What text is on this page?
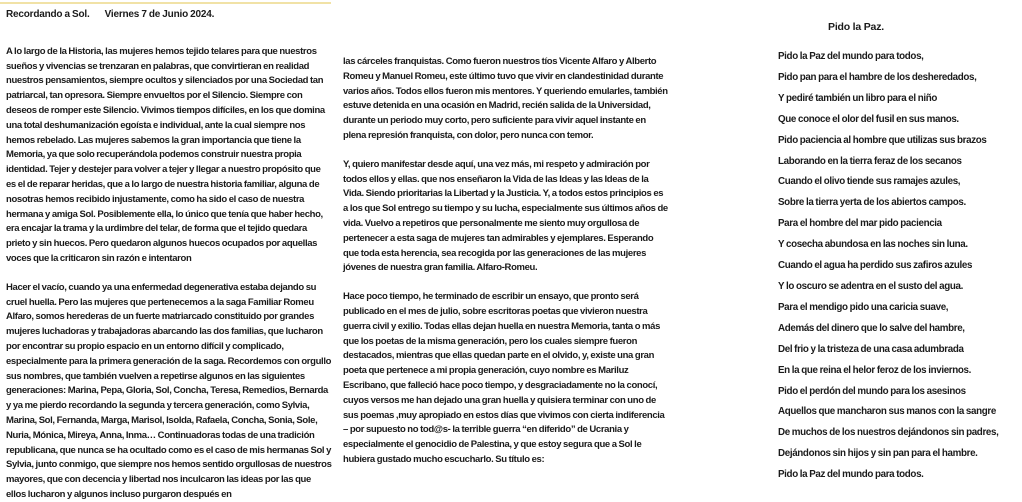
Recordando a Sol. Viernes 7 de Junio 2024.

A lo largo de la Historia, las mujeres hemos tejido telares para que nuestros sueños y vivencias se trenzaran en palabras, que convirtieran en realidad nuestros pensamientos, siempre ocultos y silenciados por una Sociedad tan patriarcal, tan opresora. Siempre envueltos por el Silencio. Siempre con deseos de romper este Silencio. Vivimos tiempos difíciles, en los que domina una total deshumanización egoísta e individual, ante la cual siempre nos hemos rebelado. Las mujeres sabemos la gran importancia que tiene la Memoria, ya que solo recuperándola podemos construir nuestra propia identidad. Tejer y destejer para volver a tejer y llegar a nuestro propósito que es el de reparar heridas, que a lo largo de nuestra historia familiar, alguna de nosotras hemos recibido injustamente, como ha sido el caso de nuestra hermana y amiga Sol. Posiblemente ella, lo único que tenía que haber hecho, era encajar la trama y la urdimbre del telar, de forma que el tejido quedara prieto y sin huecos. Pero quedaron algunos huecos ocupados por aquellas voces que la criticaron sin razón e intentaron

Hacer el vacío, cuando ya una enfermedad degenerativa estaba dejando su cruel huella. Pero las mujeres que pertenecemos a la saga Familiar Romeu Alfaro, somos herederas de un fuerte matriarcado constituido por grandes mujeres luchadoras y trabajadoras abarcando las dos familias, que lucharon por encontrar su propio espacio en un entorno difícil y complicado, especialmente para la primera generación de la saga. Recordemos con orgullo sus nombres, que también vuelven a repetirse algunos en las siguientes generaciones: Marina, Pepa, Gloria, Sol, Concha, Teresa, Remedios, Bernarda y ya me pierdo recordando la segunda y tercera generación, como Sylvia, Marina, Sol, Fernanda, Marga, Marisol, Isolda, Rafaela, Concha, Sonia, Sole, Nuria, Mónica, Mireya, Anna, Inma… Continuadoras todas de una tradición republicana, que nunca se ha ocultado como es el caso de mis hermanas Sol y Sylvia, junto conmigo, que siempre nos hemos sentido orgullosas de nuestros mayores, que con decencia y libertad nos inculcaron las ideas por las que ellos lucharon y algunos incluso purgaron después en

las cárceles franquistas. Como fueron nuestros tíos Vicente Alfaro y Alberto Romeu y Manuel Romeu, este último tuvo que vivir en clandestinidad durante varios años. Todos ellos fueron mis mentores. Y queriendo emularles, también estuve detenida en una ocasión en Madrid, recién salida de la Universidad, durante un periodo muy corto, pero suficiente para vivir aquel instante en plena represión franquista, con dolor, pero nunca con temor.

Y, quiero manifestar desde aquí, una vez más, mi respeto y admiración por todos ellos y ellas. que nos enseñaron la Vida de las Ideas y las Ideas de la Vida. Siendo prioritarias la Libertad y la Justicia. Y, a todos estos principios es a los que Sol entrego su tiempo y su lucha, especialmente sus últimos años de vida. Vuelvo a repetiros que personalmente me siento muy orgullosa de pertenecer a esta saga de mujeres tan admirables y ejemplares. Esperando que toda esta herencia, sea recogida por las generaciones de las mujeres jóvenes de nuestra gran familia. Alfaro-Romeu.

Hace poco tiempo, he terminado de escribir un ensayo, que pronto será publicado en el mes de julio, sobre escritoras poetas que vivieron nuestra guerra civil y exilio. Todas ellas dejan huella en nuestra Memoria, tanta o más que los poetas de la misma generación, pero los cuales siempre fueron destacados, mientras que ellas quedan parte en el olvido, y, existe una gran poeta que pertenece a mi propia generación, cuyo nombre es Mariluz Escribano, que falleció hace poco tiempo, y desgraciadamente no la conocí, cuyos versos me han dejado una gran huella y quisiera terminar con uno de sus poemas ,muy apropiado en estos días que vivimos con cierta indiferencia – por supuesto no tod@s- la terrible guerra “en diferido” de Ucrania y especialmente el genocidio de Palestina, y que estoy segura que a Sol le hubiera gustado mucho escucharlo. Su título es:

Pido la Paz.
Pido la Paz del mundo para todos,
Pido pan para el hambre de los desheredados,
Y pediré también un libro para el niño
Que conoce el olor del fusil en sus manos.
Pido paciencia al hombre que utilizas sus brazos
Laborando en la tierra feraz de los secanos
Cuando el olivo tiende sus ramajes azules,
Sobre la tierra yerta de los abiertos campos.
Para el hombre del mar pido paciencia
Y cosecha abundosa en las noches sin luna.
Cuando el agua ha perdido sus zafiros azules
Y lo oscuro se adentra en el susto del agua.
Para el mendigo pido una caricia suave,
Además del dinero que lo salve del hambre,
Del frio y la tristeza de una casa adumbrada
En la que reina el helor feroz de los inviernos.
Pido el perdón del mundo para los asesinos
Aquellos que mancharon sus manos con la sangre
De muchos de los nuestros dejándonos sin padres,
Dejándonos sin hijos y sin pan para el hambre.
Pido la Paz del mundo para todos.
